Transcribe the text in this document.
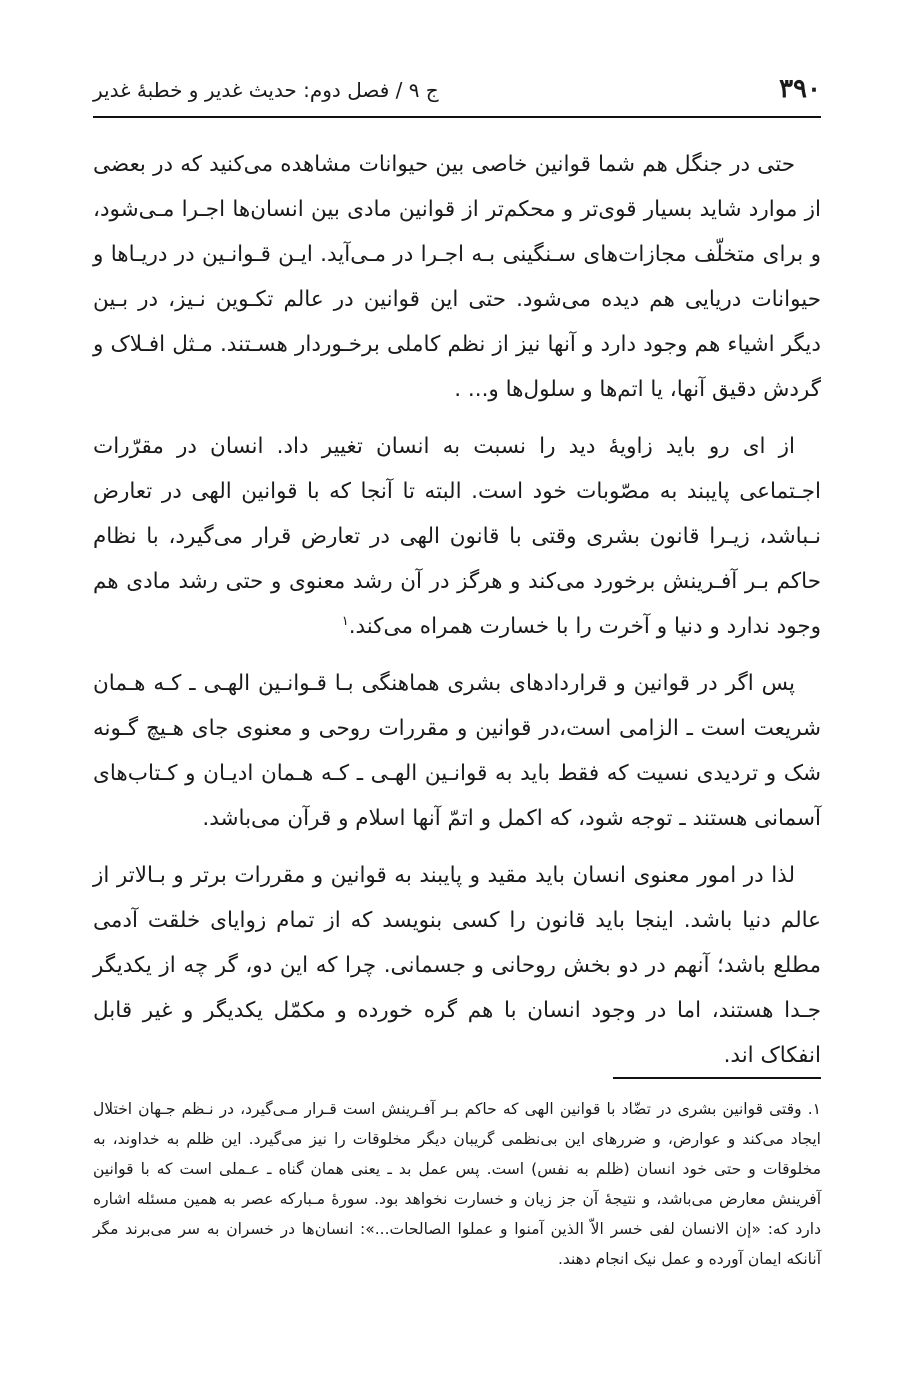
۳۹۰
ج ۹ / فصل دوم: حدیث غدیر و خطبهٔ غدیر

حتی در جنگل هم شما قوانین خاصی بین حیوانات مشاهده می‌کنید که در بعضی از موارد شاید بسیار قوی‌تر و محکم‌تر از قوانین مادی بین انسان‌ها اجـرا مـی‌شود، و برای متخلّف مجازات‌های سـنگینی بـه اجـرا در مـی‌آید. ایـن قـوانـین در دریـاها و حیوانات دریایی هم دیده می‌شود. حتی این قوانین در عالم تکـوین نـیز، در بـین دیگر اشیاء هم وجود دارد و آنها نیز از نظم کاملی برخـوردار هسـتند. مـثل افـلاک و گردش دقیق آنها، یا اتم‌ها و سلول‌ها و... .

از ای رو باید زاویهٔ دید را نسبت به انسان تغییر داد. انسان در مقرّرات اجـتماعی پایبند به مصّوبات خود است. البته تا آنجا که با قوانین الهی در تعارض نـباشد، زیـرا قانون بشری وقتی با قانون الهی در تعارض قرار می‌گیرد، با نظام حاکم بـر آفـرینش برخورد می‌کند و هرگز در آن رشد معنوی و حتی رشد مادی هم وجود ندارد و دنیا و آخرت را با خسارت همراه می‌کند.$^۱$

پس اگر در قوانین و قراردادهای بشری هماهنگی بـا قـوانـین الهـی ـ کـه هـمان شریعت است ـ الزامی است،در قوانین و مقررات روحی و معنوی جای هـیچ گـونه شک و تردیدی نسیت که فقط باید به قوانـین الهـی ـ کـه هـمان ادیـان و کـتاب‌های آسمانی هستند ـ توجه شود، که اکمل و اتمّ آنها اسلام و قرآن می‌باشد.

لذا در امور معنوی انسان باید مقید و پایبند به قوانین و مقررات برتر و بـالاتر از عالم دنیا باشد. اینجا باید قانون را کسی بنویسد که از تمام زوایای خلقت آدمی مطلع باشد؛ آنهم در دو بخش روحانی و جسمانی. چرا که این دو، گر چه از یکدیگر جـدا هستند، اما در وجود انسان با هم گره خورده و مکمّل یکدیگر و غیر قابل انفکاک اند.

۱. وقتی قوانین بشری در تضّاد با قوانین الهی که حاکم بـر آفـرینش است قـرار مـی‌گیرد، در نـظم جـهان اختلال ایجاد می‌کند و عوارض، و ضررهای این بی‌نظمی گریبان دیگر مخلوقات را نیز می‌گیرد. این ظلم به خداوند، به مخلوقات و حتی خود انسان (ظلم به نفس) است. پس عمل بد ـ یعنی همان گناه ـ عـملی است که با قوانین آفرینش معارض می‌باشد، و نتیجهٔ آن جز زیان و خسارت نخواهد بود. سورهٔ مـبارکه عصر به همین مسئله اشاره دارد که: «إن الانسان لفی خسر الاّ الذین آمنوا و عملوا الصالحات...»: انسان‌ها در خسران به سر می‌برند مگر آنانکه ایمان آورده و عمل نیک انجام دهند.
